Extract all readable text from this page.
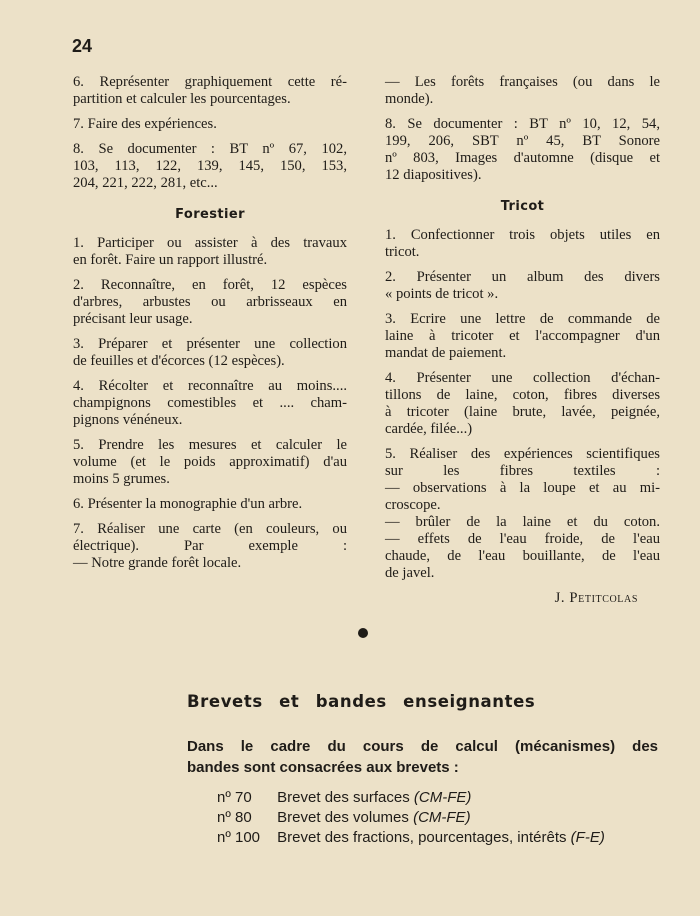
24
6. Représenter graphiquement cette ré-
partition et calculer les pourcentages.
7. Faire des expériences.
8. Se documenter : BT nº 67, 102,
103, 113, 122, 139, 145, 150, 153,
204, 221, 222, 281, etc...
Forestier
1. Participer ou assister à des travaux
en forêt. Faire un rapport illustré.
2. Reconnaître, en forêt, 12 espèces
d'arbres, arbustes ou arbrisseaux en
précisant leur usage.
3. Préparer et présenter une collection
de feuilles et d'écorces (12 espèces).
4. Récolter et reconnaître au moins....
champignons comestibles et .... cham-
pignons vénéneux.
5. Prendre les mesures et calculer le
volume (et le poids approximatif) d'au
moins 5 grumes.
6. Présenter la monographie d'un arbre.
7. Réaliser une carte (en couleurs, ou
électrique). Par exemple :
— Notre grande forêt locale.
— Les forêts françaises (ou dans le
monde).
8. Se documenter : BT nº 10, 12, 54,
199, 206, SBT nº 45, BT Sonore
nº 803, Images d'automne (disque et
12 diapositives).
Tricot
1. Confectionner trois objets utiles en
tricot.
2. Présenter un album des divers
« points de tricot ».
3. Ecrire une lettre de commande de
laine à tricoter et l'accompagner d'un
mandat de paiement.
4. Présenter une collection d'échan-
tillons de laine, coton, fibres diverses
à tricoter (laine brute, lavée, peignée,
cardée, filée...)
5. Réaliser des expériences scientifiques
sur les fibres textiles :
— observations à la loupe et au mi-
croscope.
— brûler de la laine et du coton.
— effets de l'eau froide, de l'eau
chaude, de l'eau bouillante, de l'eau
de javel.
J. Petitcolas
Brevets et bandes enseignantes
Dans le cadre du cours de calcul (mécanismes) des
bandes sont consacrées aux brevets :
nº 70 Brevet des surfaces (CM-FE)
nº 80 Brevet des volumes (CM-FE)
nº 100 Brevet des fractions, pourcentages, intérêts (F-E)
